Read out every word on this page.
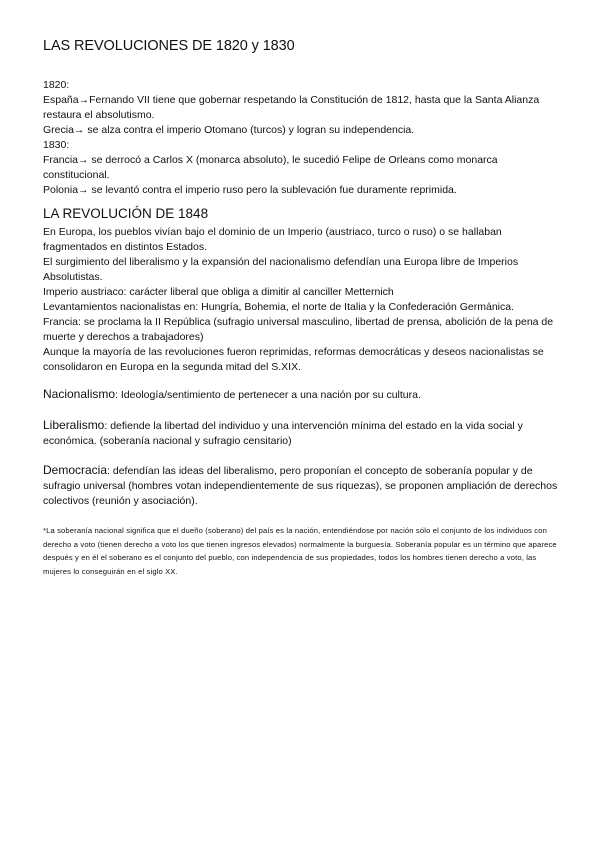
LAS REVOLUCIONES DE 1820 y 1830

1820:

España→Fernando VII tiene que gobernar respetando la Constitución de 1812, hasta que la Santa Alianza restaura el absolutismo.

Grecia→ se alza contra el imperio Otomano (turcos) y logran su independencia.

1830:

Francia→ se derrocó a Carlos X (monarca absoluto), le sucedió Felipe de Orleans como monarca constitucional.

Polonia→ se levantó contra el imperio ruso pero la sublevación fue duramente reprimida.

LA REVOLUCIÓN DE 1848

En Europa, los pueblos vivían bajo el dominio de un Imperio (austriaco, turco o ruso) o se hallaban fragmentados en distintos Estados.

El surgimiento del liberalismo y la expansión del nacionalismo defendían una Europa libre de Imperios Absolutistas.

Imperio austriaco: carácter liberal que obliga a dimitir al canciller Metternich

Levantamientos nacionalistas en: Hungría, Bohemia, el norte de Italia y la Confederación Germánica.

Francia: se proclama la II República (sufragio universal masculino, libertad de prensa, abolición de la pena de muerte y derechos a trabajadores)

Aunque la mayoría de las revoluciones fueron reprimidas, reformas democráticas y deseos nacionalistas se consolidaron en Europa en la segunda mitad del S.XIX.

Nacionalismo: Ideología/sentimiento de pertenecer a una nación por su cultura.

Liberalismo: defiende la libertad del individuo y una intervención mínima del estado en la vida social y económica. (soberanía nacional y sufragio censitario)

Democracia: defendían las ideas del liberalismo, pero proponían el concepto de soberanía popular y de sufragio universal (hombres votan independientemente de sus riquezas), se proponen ampliación de derechos colectivos (reunión y asociación).

*La soberanía nacional significa que el dueño (soberano) del país es la nación, entendiéndose por nación sólo el conjunto de los individuos con derecho a voto (tienen derecho a voto los que tienen ingresos elevados) normalmente la burguesía. Soberanía popular es un término que aparece después y en él el soberano es el conjunto del pueblo, con independencia de sus propiedades, todos los hombres tienen derecho a voto, las mujeres lo conseguirán en el siglo XX.
